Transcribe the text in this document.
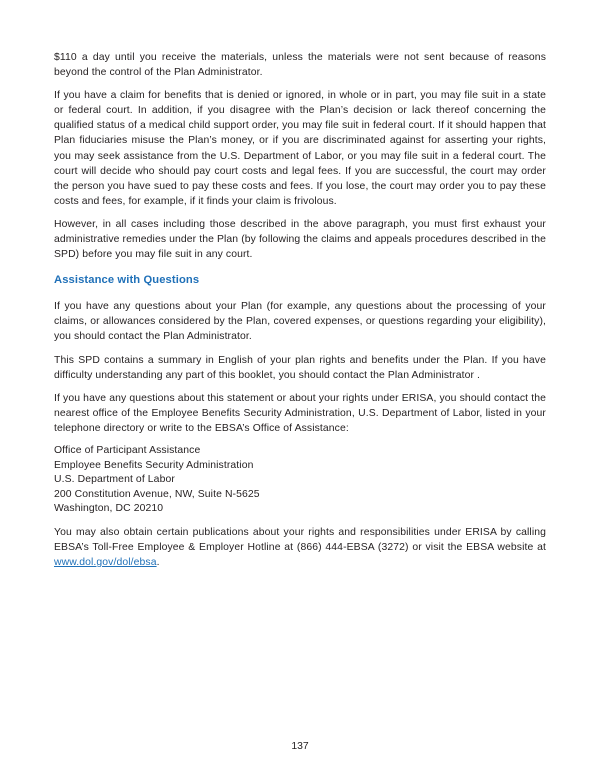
$110 a day until you receive the materials, unless the materials were not sent because of reasons beyond the control of the Plan Administrator.

If you have a claim for benefits that is denied or ignored, in whole or in part, you may file suit in a state or federal court. In addition, if you disagree with the Plan’s decision or lack thereof concerning the qualified status of a medical child support order, you may file suit in federal court. If it should happen that Plan fiduciaries misuse the Plan’s money, or if you are discriminated against for asserting your rights, you may seek assistance from the U.S. Department of Labor, or you may file suit in a federal court. The court will decide who should pay court costs and legal fees. If you are successful, the court may order the person you have sued to pay these costs and fees. If you lose, the court may order you to pay these costs and fees, for example, if it finds your claim is frivolous.

However, in all cases including those described in the above paragraph, you must first exhaust your administrative remedies under the Plan (by following the claims and appeals procedures described in the SPD) before you may file suit in any court.

Assistance with Questions

If you have any questions about your Plan (for example, any questions about the processing of your claims, or allowances considered by the Plan, covered expenses, or questions regarding your eligibility), you should contact the Plan Administrator.

This SPD contains a summary in English of your plan rights and benefits under the Plan. If you have difficulty understanding any part of this booklet, you should contact the Plan Administrator .

If you have any questions about this statement or about your rights under ERISA, you should contact the nearest office of the Employee Benefits Security Administration, U.S. Department of Labor, listed in your telephone directory or write to the EBSA’s Office of Assistance:

Office of Participant Assistance
Employee Benefits Security Administration
U.S. Department of Labor
200 Constitution Avenue, NW, Suite N-5625
Washington, DC 20210

You may also obtain certain publications about your rights and responsibilities under ERISA by calling EBSA’s Toll-Free Employee & Employer Hotline at (866) 444-EBSA (3272) or visit the EBSA website at www.dol.gov/dol/ebsa.

137
